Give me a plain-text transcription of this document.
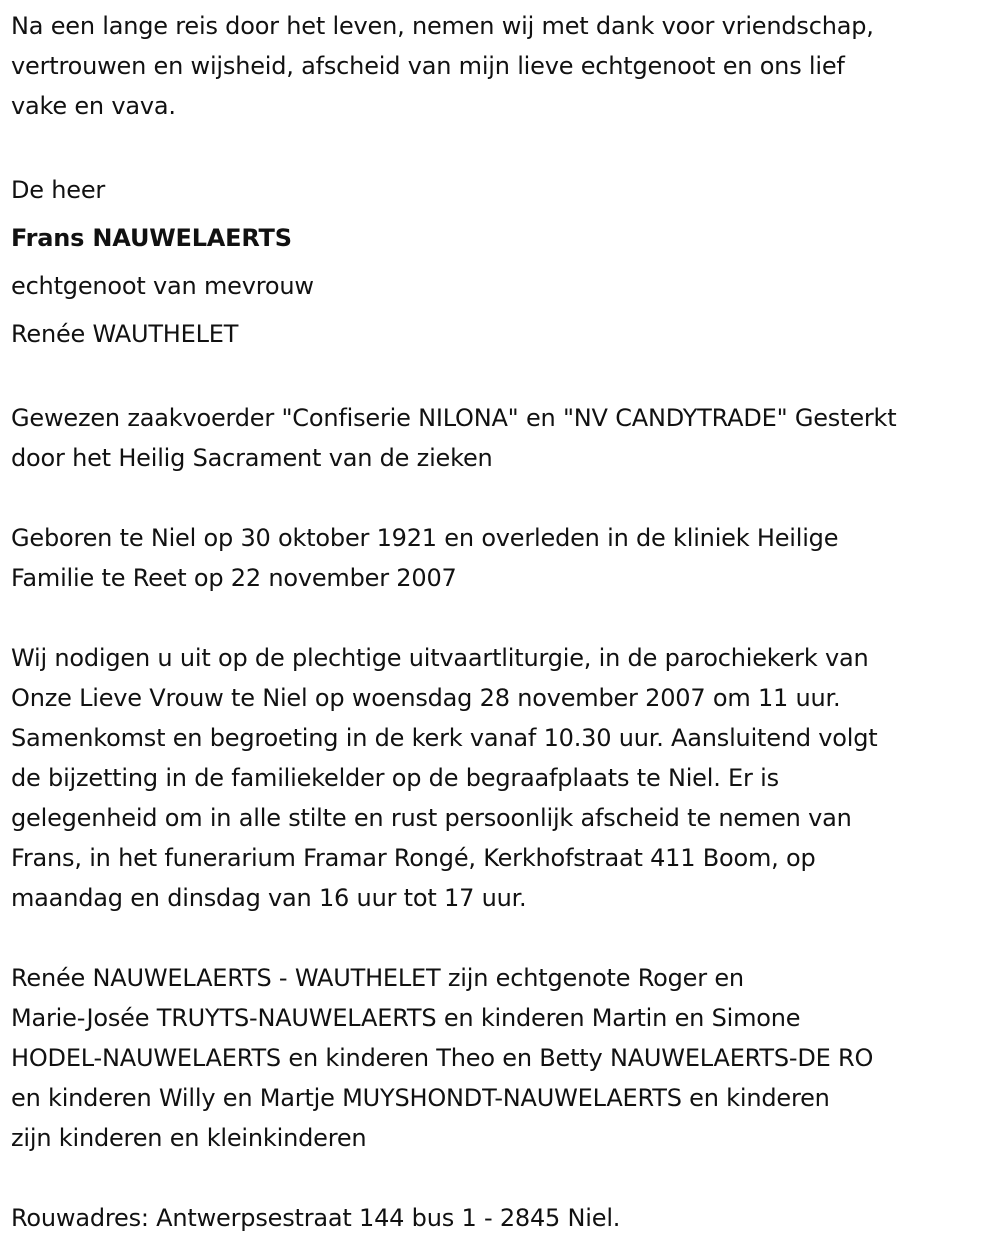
Na een lange reis door het leven, nemen wij met dank voor vriendschap,
vertrouwen en wijsheid, afscheid van mijn lieve echtgenoot en ons lief
vake en vava.
De heer
Frans NAUWELAERTS
echtgenoot van mevrouw
Renée WAUTHELET
Gewezen zaakvoerder "Confiserie NILONA" en "NV CANDYTRADE" Gesterkt
door het Heilig Sacrament van de zieken
Geboren te Niel op 30 oktober 1921 en overleden in de kliniek Heilige
Familie te Reet op 22 november 2007
Wij nodigen u uit op de plechtige uitvaartliturgie, in de parochiekerk van
Onze Lieve Vrouw te Niel op woensdag 28 november 2007 om 11 uur.
Samenkomst en begroeting in de kerk vanaf 10.30 uur. Aansluitend volgt
de bijzetting in de familiekelder op de begraafplaats te Niel. Er is
gelegenheid om in alle stilte en rust persoonlijk afscheid te nemen van
Frans, in het funerarium Framar Rongé, Kerkhofstraat 411 Boom, op
maandag en dinsdag van 16 uur tot 17 uur.
Renée NAUWELAERTS - WAUTHELET zijn echtgenote Roger en
Marie-Josée TRUYTS-NAUWELAERTS en kinderen Martin en Simone
HODEL-NAUWELAERTS en kinderen Theo en Betty NAUWELAERTS-DE RO
en kinderen Willy en Martje MUYSHONDT-NAUWELAERTS en kinderen
zijn kinderen en kleinkinderen
Rouwadres: Antwerpsestraat 144 bus 1 - 2845 Niel.
